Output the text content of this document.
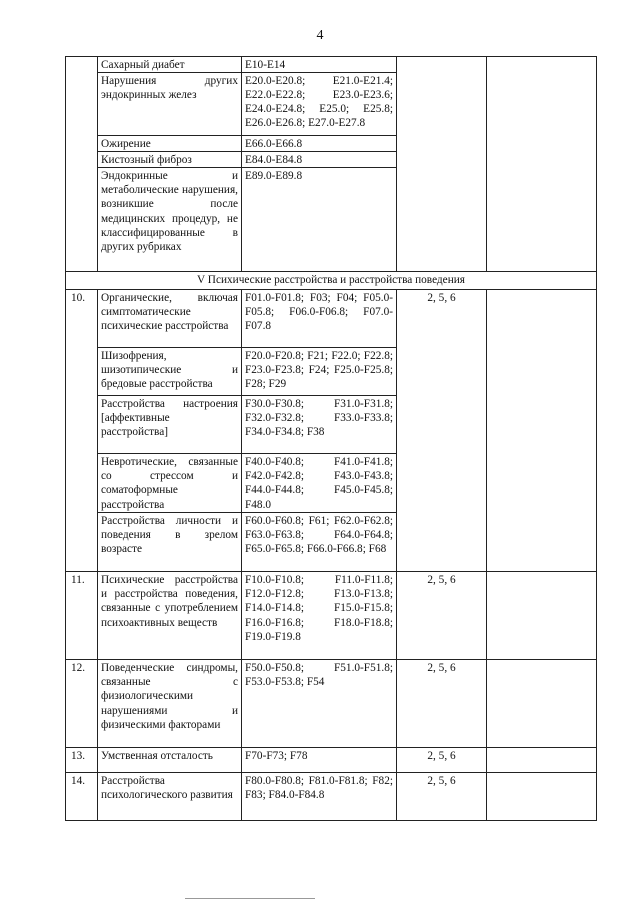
4
	Сахарный диабет	E10-E14		
	Нарушения других эндокринных желез	E20.0-E20.8; E21.0-E21.4; E22.0-E22.8; E23.0-E23.6; E24.0-E24.8; E25.0; E25.8; E26.0-E26.8; E27.0-E27.8		
	Ожирение	E66.0-E66.8		
	Кистозный фиброз	E84.0-E84.8		
	Эндокринные и метаболические нарушения, возникшие после медицинских процедур, не классифицированные в других рубриках	E89.0-E89.8		
V Психические расстройства и расстройства поведения				
10.	Органические, включая симптоматические психические расстройства	F01.0-F01.8; F03; F04; F05.0-F05.8; F06.0-F06.8; F07.0-F07.8	2, 5, 6	
	Шизофрения, шизотипические и бредовые расстройства	F20.0-F20.8; F21; F22.0; F22.8; F23.0-F23.8; F24; F25.0-F25.8; F28; F29		
	Расстройства настроения [аффективные расстройства]	F30.0-F30.8; F31.0-F31.8; F32.0-F32.8; F33.0-F33.8; F34.0-F34.8; F38		
	Невротические, связанные со стрессом и соматоформные расстройства	F40.0-F40.8; F41.0-F41.8; F42.0-F42.8; F43.0-F43.8; F44.0-F44.8; F45.0-F45.8; F48.0		
	Расстройства личности и поведения в зрелом возрасте	F60.0-F60.8; F61; F62.0-F62.8; F63.0-F63.8; F64.0-F64.8; F65.0-F65.8; F66.0-F66.8; F68		
11.	Психические расстройства и расстройства поведения, связанные с употреблением психоактивных веществ	F10.0-F10.8; F11.0-F11.8; F12.0-F12.8; F13.0-F13.8; F14.0-F14.8; F15.0-F15.8; F16.0-F16.8; F18.0-F18.8; F19.0-F19.8	2, 5, 6	
12.	Поведенческие синдромы, связанные с физиологическими нарушениями и физическими факторами	F50.0-F50.8; F51.0-F51.8; F53.0-F53.8; F54	2, 5, 6	
13.	Умственная отсталость	F70-F73; F78	2, 5, 6	
14.	Расстройства психологического развития	F80.0-F80.8; F81.0-F81.8; F82; F83; F84.0-F84.8	2, 5, 6	
